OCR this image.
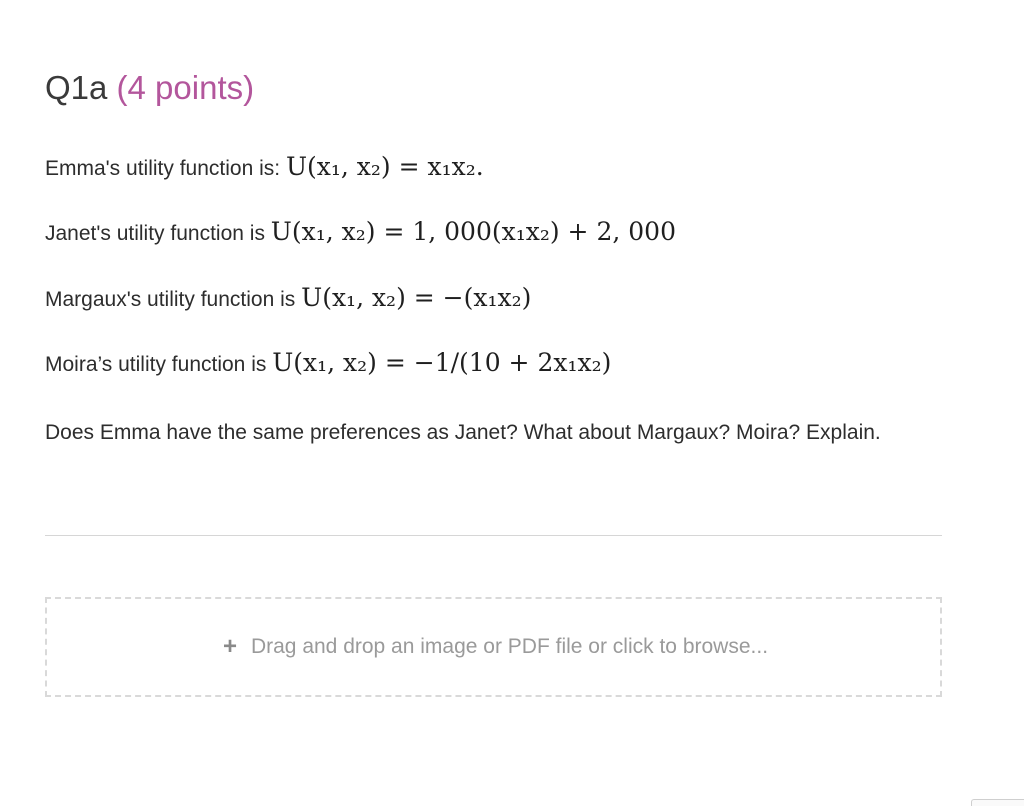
Q1a (4 points)
Emma's utility function is: U(x₁, x₂) = x₁x₂.
Janet's utility function is U(x₁, x₂) = 1, 000(x₁x₂) + 2, 000
Margaux's utility function is U(x₁, x₂) = −(x₁x₂)
Moira’s utility function is U(x₁, x₂) = −1/(10 + 2x₁x₂)
Does Emma have the same preferences as Janet? What about Margaux? Moira? Explain.
+ Drag and drop an image or PDF file or click to browse...
